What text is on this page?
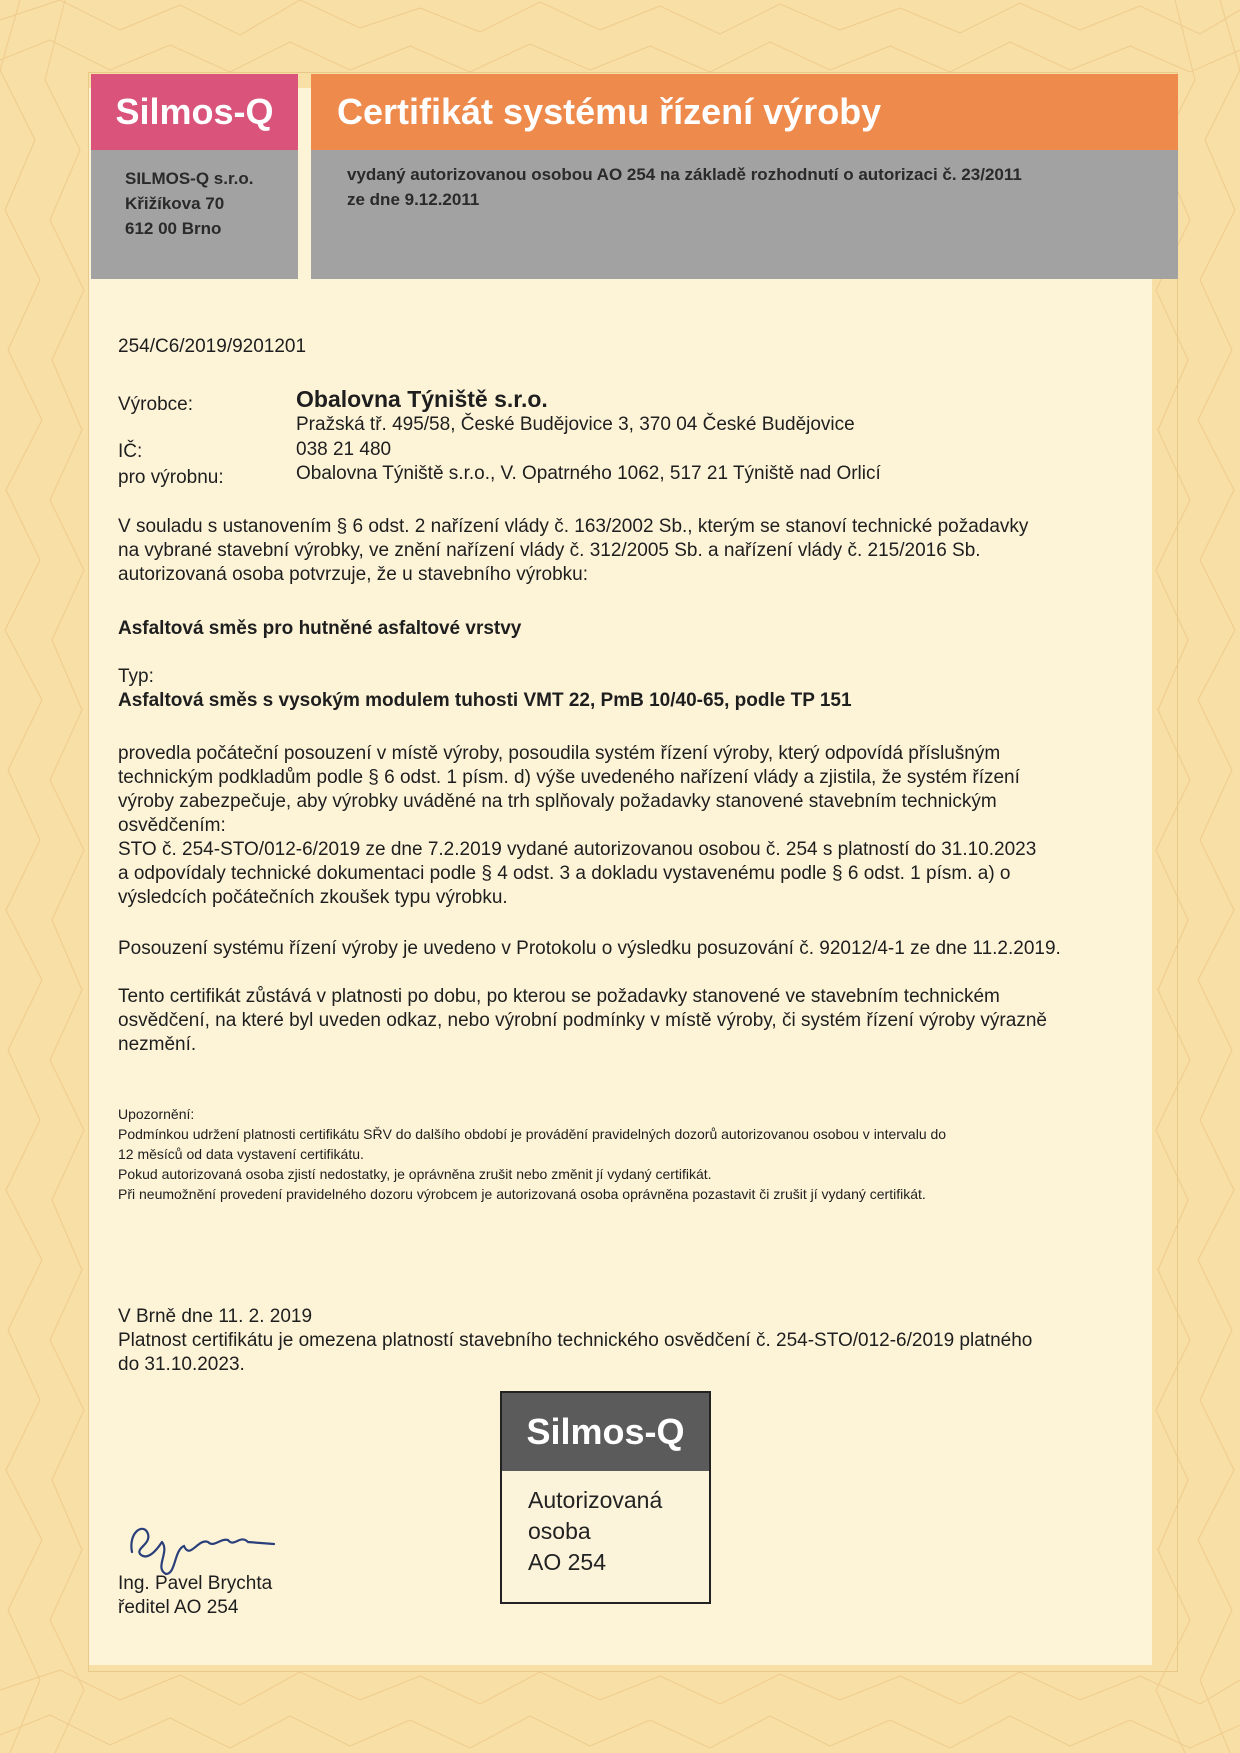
Silmos-Q	Certifikát systému řízení výroby
SILMOS-Q s.r.o.
Křižíkova 70
612 00 Brno
vydaný autorizovanou osobou AO 254 na základě rozhodnutí o autorizaci č. 23/2011
ze dne 9.12.2011
254/C6/2019/9201201
Výrobce:	Obalovna Týniště s.r.o.
Pražská tř. 495/58, České Budějovice 3, 370 04 České Budějovice
IČ:	038 21 480
pro výrobnu:	Obalovna Týniště s.r.o., V. Opatrného 1062, 517 21 Týniště nad Orlicí
V souladu s ustanovením § 6 odst. 2 nařízení vlády č. 163/2002 Sb., kterým se stanoví technické požadavky
na vybrané stavební výrobky, ve znění nařízení vlády č. 312/2005 Sb. a nařízení vlády č. 215/2016 Sb.
autorizovaná osoba potvrzuje, že u stavebního výrobku:
Asfaltová směs pro hutněné asfaltové vrstvy
Typ:
Asfaltová směs s vysokým modulem tuhosti VMT 22, PmB 10/40-65, podle TP 151
provedla počáteční posouzení v místě výroby, posoudila systém řízení výroby, který odpovídá příslušným
technickým podkladům podle § 6 odst. 1 písm. d) výše uvedeného nařízení vlády a zjistila, že systém řízení
výroby zabezpečuje, aby výrobky uváděné na trh splňovaly požadavky stanovené stavebním technickým
osvědčením:
STO č. 254-STO/012-6/2019 ze dne 7.2.2019 vydané autorizovanou osobou č. 254 s platností do 31.10.2023
a odpovídaly technické dokumentaci podle § 4 odst. 3 a dokladu vystavenému podle § 6 odst. 1 písm. a) o
výsledcích počátečních zkoušek typu výrobku.
Posouzení systému řízení výroby je uvedeno v Protokolu o výsledku posuzování č. 92012/4-1 ze dne 11.2.2019.
Tento certifikát zůstává v platnosti po dobu, po kterou se požadavky stanovené ve stavebním technickém
osvědčení, na které byl uveden odkaz, nebo výrobní podmínky v místě výroby, či systém řízení výroby výrazně
nezmění.
Upozornění:
Podmínkou udržení platnosti certifikátu SŘV do dalšího období je provádění pravidelných dozorů autorizovanou osobou v intervalu do
12 měsíců od data vystavení certifikátu.
Pokud autorizovaná osoba zjistí nedostatky, je oprávněna zrušit nebo změnit jí vydaný certifikát.
Při neumožnění provedení pravidelného dozoru výrobcem je autorizovaná osoba oprávněna pozastavit či zrušit jí vydaný certifikát.
V Brně dne 11. 2. 2019
Platnost certifikátu je omezena platností stavebního technického osvědčení č. 254-STO/012-6/2019 platného
do 31.10.2023.
Silmos-Q
Autorizovaná
osoba
AO 254
Ing. Pavel Brychta
ředitel AO 254
